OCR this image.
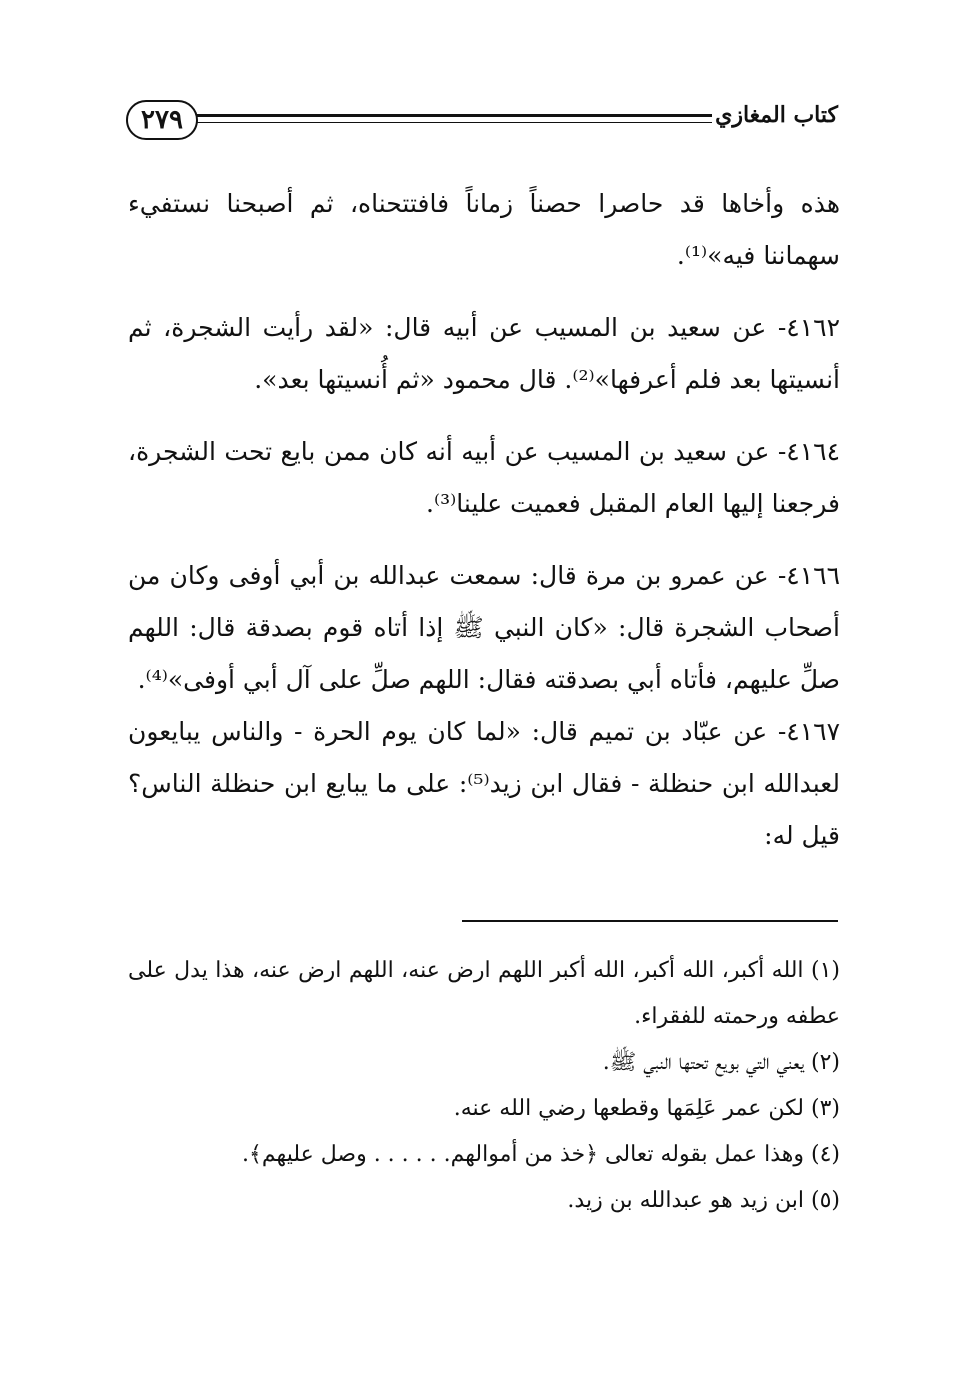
٢٧٩	كتاب المغازي

هذه وأخاها قد حاصرا حصناً زماناً فافتتحناه، ثم أصبحنا نستفيء سهماننا فيه»⁽¹⁾.

٤١٦٢- عن سعيد بن المسيب عن أبيه قال: «لقد رأيت الشجرة، ثم أنسيتها بعد فلم أعرفها»⁽²⁾. قال محمود «ثم أُنسيتها بعد».

٤١٦٤- عن سعيد بن المسيب عن أبيه أنه كان ممن بايع تحت الشجرة، فرجعنا إليها العام المقبل فعميت علينا⁽³⁾.

٤١٦٦- عن عمرو بن مرة قال: سمعت عبدالله بن أبي أوفى وكان من أصحاب الشجرة قال: «كان النبي ﷺ إذا أتاه قوم بصدقة قال: اللهم صلِّ عليهم، فأتاه أبي بصدقته فقال: اللهم صلِّ على آل أبي أوفى»⁽⁴⁾.

٤١٦٧- عن عبّاد بن تميم قال: «لما كان يوم الحرة - والناس يبايعون لعبدالله ابن حنظلة - فقال ابن زيد⁽⁵⁾: على ما يبايع ابن حنظلة الناس؟ قيل له:

(١) الله أكبر، الله أكبر، الله أكبر اللهم ارض عنه، اللهم ارض عنه، هذا يدل على عطفه ورحمته للفقراء.

(٢) يعني التي بويع تحتها النبي ﷺ.

(٣) لكن عمر عَلِمَها وقطعها رضي الله عنه.

(٤) وهذا عمل بقوله تعالى ﴿خذ من أموالهم. . . . . . وصل عليهم﴾.

(٥) ابن زيد هو عبدالله بن زيد.
